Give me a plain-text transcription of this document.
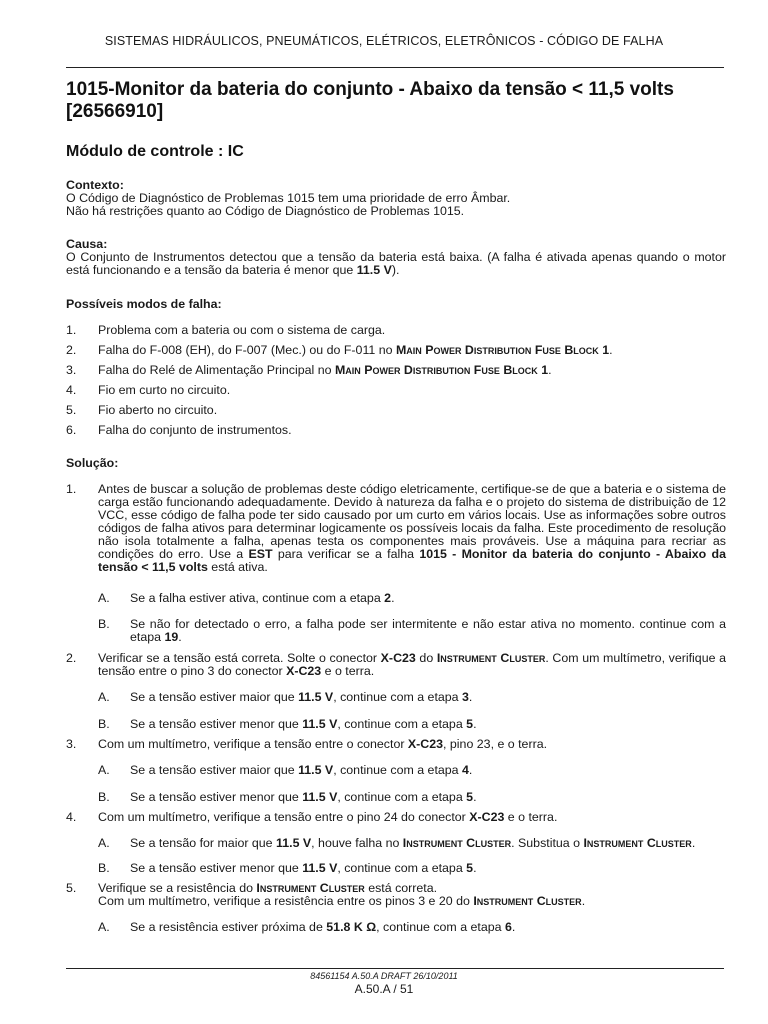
SISTEMAS HIDRÁULICOS, PNEUMÁTICOS, ELÉTRICOS, ELETRÔNICOS - CÓDIGO DE FALHA
1015-Monitor da bateria do conjunto - Abaixo da tensão < 11,5 volts [26566910]
Módulo de controle : IC

Contexto:

O Código de Diagnóstico de Problemas 1015 tem uma prioridade de erro Âmbar.

Não há restrições quanto ao Código de Diagnóstico de Problemas 1015.

Causa:

O Conjunto de Instrumentos detectou que a tensão da bateria está baixa. (A falha é ativada apenas quando o motor está funcionando e a tensão da bateria é menor que 11.5 V).

Possíveis modos de falha:
1.	Problema com a bateria ou com o sistema de carga.
2.	Falha do F-008 (EH), do F-007 (Mec.) ou do F-011 no Main Power Distribution Fuse Block 1.
3.	Falha do Relé de Alimentação Principal no Main Power Distribution Fuse Block 1.
4.	Fio em curto no circuito.
5.	Fio aberto no circuito.
6.	Falha do conjunto de instrumentos.
Solução:
1.	Antes de buscar a solução de problemas deste código eletricamente, certifique-se de que a bateria e o sistema de carga estão funcionando adequadamente. Devido à natureza da falha e o projeto do sistema de distribuição de 12 VCC, esse código de falha pode ter sido causado por um curto em vários locais. Use as informações sobre outros códigos de falha ativos para determinar logicamente os possíveis locais da falha. Este procedimento de resolução não isola totalmente a falha, apenas testa os componentes mais prováveis. Use a máquina para recriar as condições do erro. Use a EST para verificar se a falha 1015 - Monitor da bateria do conjunto - Abaixo da tensão < 11,5 volts está ativa.
A.	Se a falha estiver ativa, continue com a etapa 2.
B.	Se não for detectado o erro, a falha pode ser intermitente e não estar ativa no momento. continue com a etapa 19.
2.	Verificar se a tensão está correta. Solte o conector X-C23 do Instrument Cluster. Com um multímetro, verifique a tensão entre o pino 3 do conector X-C23 e o terra.
A.	Se a tensão estiver maior que 11.5 V, continue com a etapa 3.
B.	Se a tensão estiver menor que 11.5 V, continue com a etapa 5.
3.	Com um multímetro, verifique a tensão entre o conector X-C23, pino 23, e o terra.
A.	Se a tensão estiver maior que 11.5 V, continue com a etapa 4.
B.	Se a tensão estiver menor que 11.5 V, continue com a etapa 5.
4.	Com um multímetro, verifique a tensão entre o pino 24 do conector X-C23 e o terra.
A.	Se a tensão for maior que 11.5 V, houve falha no Instrument Cluster. Substitua o Instrument Cluster.
B.	Se a tensão estiver menor que 11.5 V, continue com a etapa 5.
5.	Verifique se a resistência do Instrument Cluster está correta.
Com um multímetro, verifique a resistência entre os pinos 3 e 20 do Instrument Cluster.
A.	Se a resistência estiver próxima de 51.8 K Ω, continue com a etapa 6.
84561154 A.50.A DRAFT 26/10/2011
A.50.A / 51
